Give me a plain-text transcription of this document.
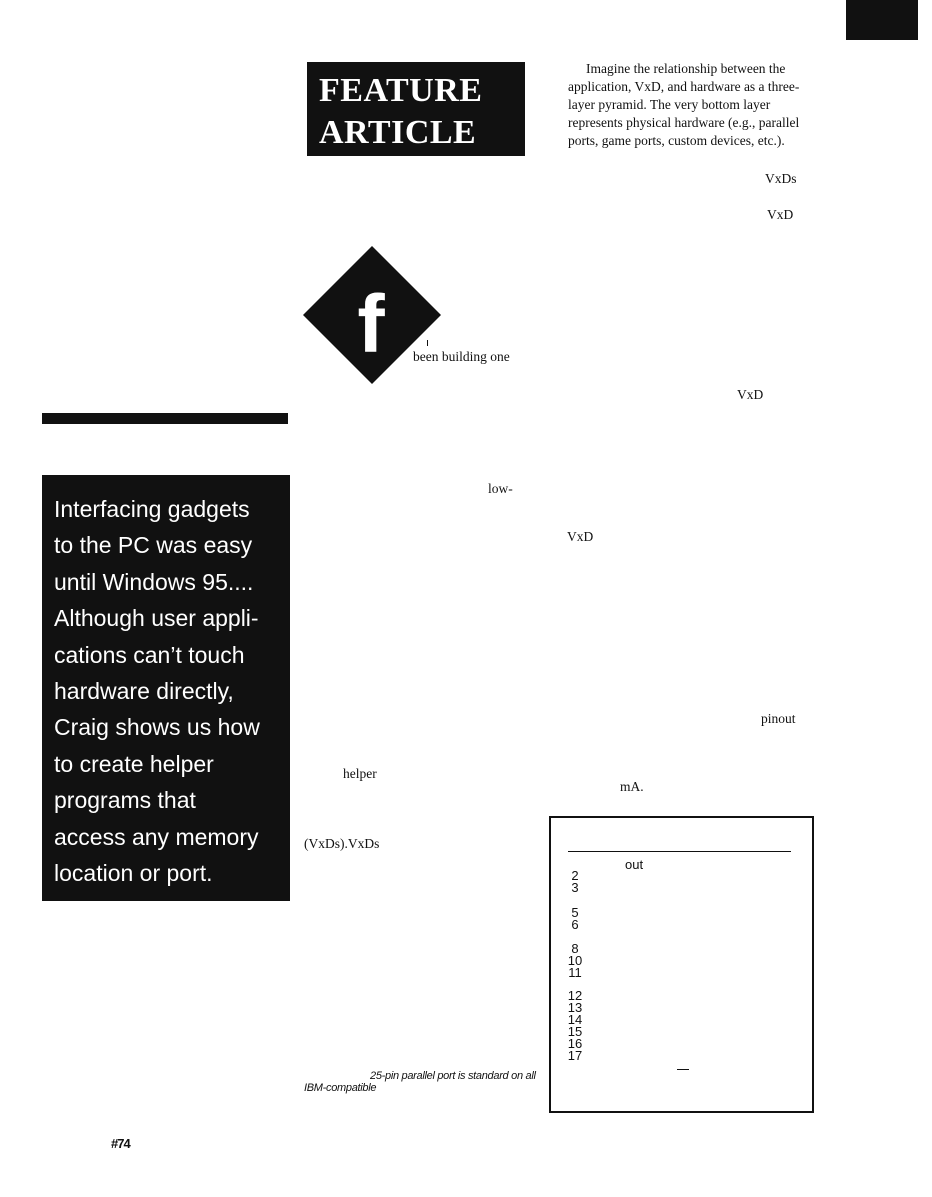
FEATURE
ARTICLE

Imagine the relationship between the application, VxD, and hardware as a three-layer pyramid. The very bottom layer represents physical hardware (e.g., parallel ports, game ports, custom devices, etc.).

VxDs
VxD
f been building one
VxD
low-
VxD
Interfacing gadgets
to the PC was easy
until Windows 95....
Although user appli-
cations can’t touch
hardware directly,
Craig shows us how
to create helper
programs that
access any memory
location or port.
pinout
helper
mA.
(VxDs).VxDs
25-pin parallel port is standard on all
IBM-compatible
out
2
3
5
6
8
10
11
12
13
14
15
16
17
#74
